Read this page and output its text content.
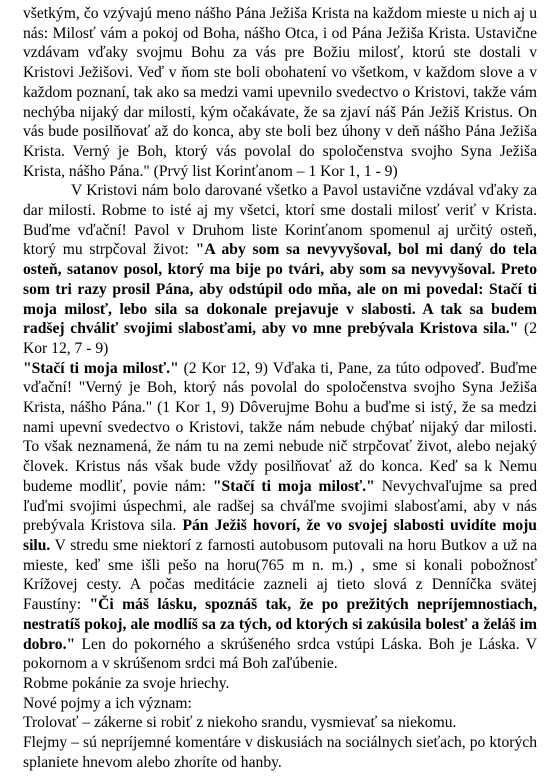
všetkým, čo vzývajú meno nášho Pána Ježiša Krista na každom mieste u nich aj u nás: Milosť vám a pokoj od Boha, nášho Otca, i od Pána Ježiša Krista. Ustavične vzdávam vďaky svojmu Bohu za vás pre Božiu milosť, ktorú ste dostali v Kristovi Ježišovi. Veď v ňom ste boli obohatení vo všetkom, v každom slove a v každom poznaní, tak ako sa medzi vami upevnilo svedectvo o Kristovi, takže vám nechýba nijaký dar milosti, kým očakávate, že sa zjaví náš Pán Ježiš Kristus. On vás bude posilňovať až do konca, aby ste boli bez úhony v deň nášho Pána Ježiša Krista. Verný je Boh, ktorý vás povolal do spoločenstva svojho Syna Ježiša Krista, nášho Pána." (Prvý list Korinťanom – 1 Kor 1, 1 - 9)

V Kristovi nám bolo darované všetko a Pavol ustavične vzdával vďaky za dar milosti. Robme to isté aj my všetci, ktorí sme dostali milosť veriť v Krista. Buďme vďační! Pavol v Druhom liste Korinťanom spomenul aj určitý osteň, ktorý mu strpčoval život: "A aby som sa nevyvyšoval, bol mi daný do tela osteň, satanov posol, ktorý ma bije po tvári, aby som sa nevyvyšoval. Preto som tri razy prosil Pána, aby odstúpil odo mňa, ale on mi povedal: Stačí ti moja milosť, lebo sila sa dokonale prejavuje v slabosti. A tak sa budem radšej chváliť svojimi slabosťami, aby vo mne prebývala Kristova sila." (2 Kor 12, 7 - 9)

"Stačí ti moja milosť." (2 Kor 12, 9) Vďaka ti, Pane, za túto odpoveď. Buďme vďační! "Verný je Boh, ktorý nás povolal do spoločenstva svojho Syna Ježiša Krista, nášho Pána." (1 Kor 1, 9) Dôverujme Bohu a buďme si istý, že sa medzi nami upevní svedectvo o Kristovi, takže nám nebude chýbať nijaký dar milosti. To však neznamená, že nám tu na zemi nebude nič strpčovať život, alebo nejaký človek. Kristus nás však bude vždy posilňovať až do konca. Keď sa k Nemu budeme modliť, povie nám: "Stačí ti moja milosť." Nevychvaľujme sa pred ľuďmi svojimi úspechmi, ale radšej sa chváľme svojimi slabosťami, aby v nás prebývala Kristova sila. Pán Ježiš hovorí, že vo svojej slabosti uvidíte moju silu. V stredu sme niektorí z farnosti autobusom putovali na horu Butkov a už na mieste, keď sme išli pešo na horu(765 m n. m.) , sme si konali pobožnosť Krížovej cesty. A počas meditácie zazneli aj tieto slová z Denníčka svätej Faustíny: "Či máš lásku, spoznáš tak, že po prežitých nepríjemnostiach, nestratíš pokoj, ale modlíš sa za tých, od ktorých si zakúsila bolesť a želáš im dobro." Len do pokorného a skrúšeného srdca vstúpi Láska. Boh je Láska. V pokornom a v skrúšenom srdci má Boh zaľúbenie.

Robme pokánie za svoje hriechy.

Nové pojmy a ich význam:

Trolovať – zákerne si robiť z niekoho srandu, vysmievať sa niekomu.

Flejmy – sú nepríjemné komentáre v diskusiách na sociálnych sieťach, po ktorých splaniete hnevom alebo zhoríte od hanby.
